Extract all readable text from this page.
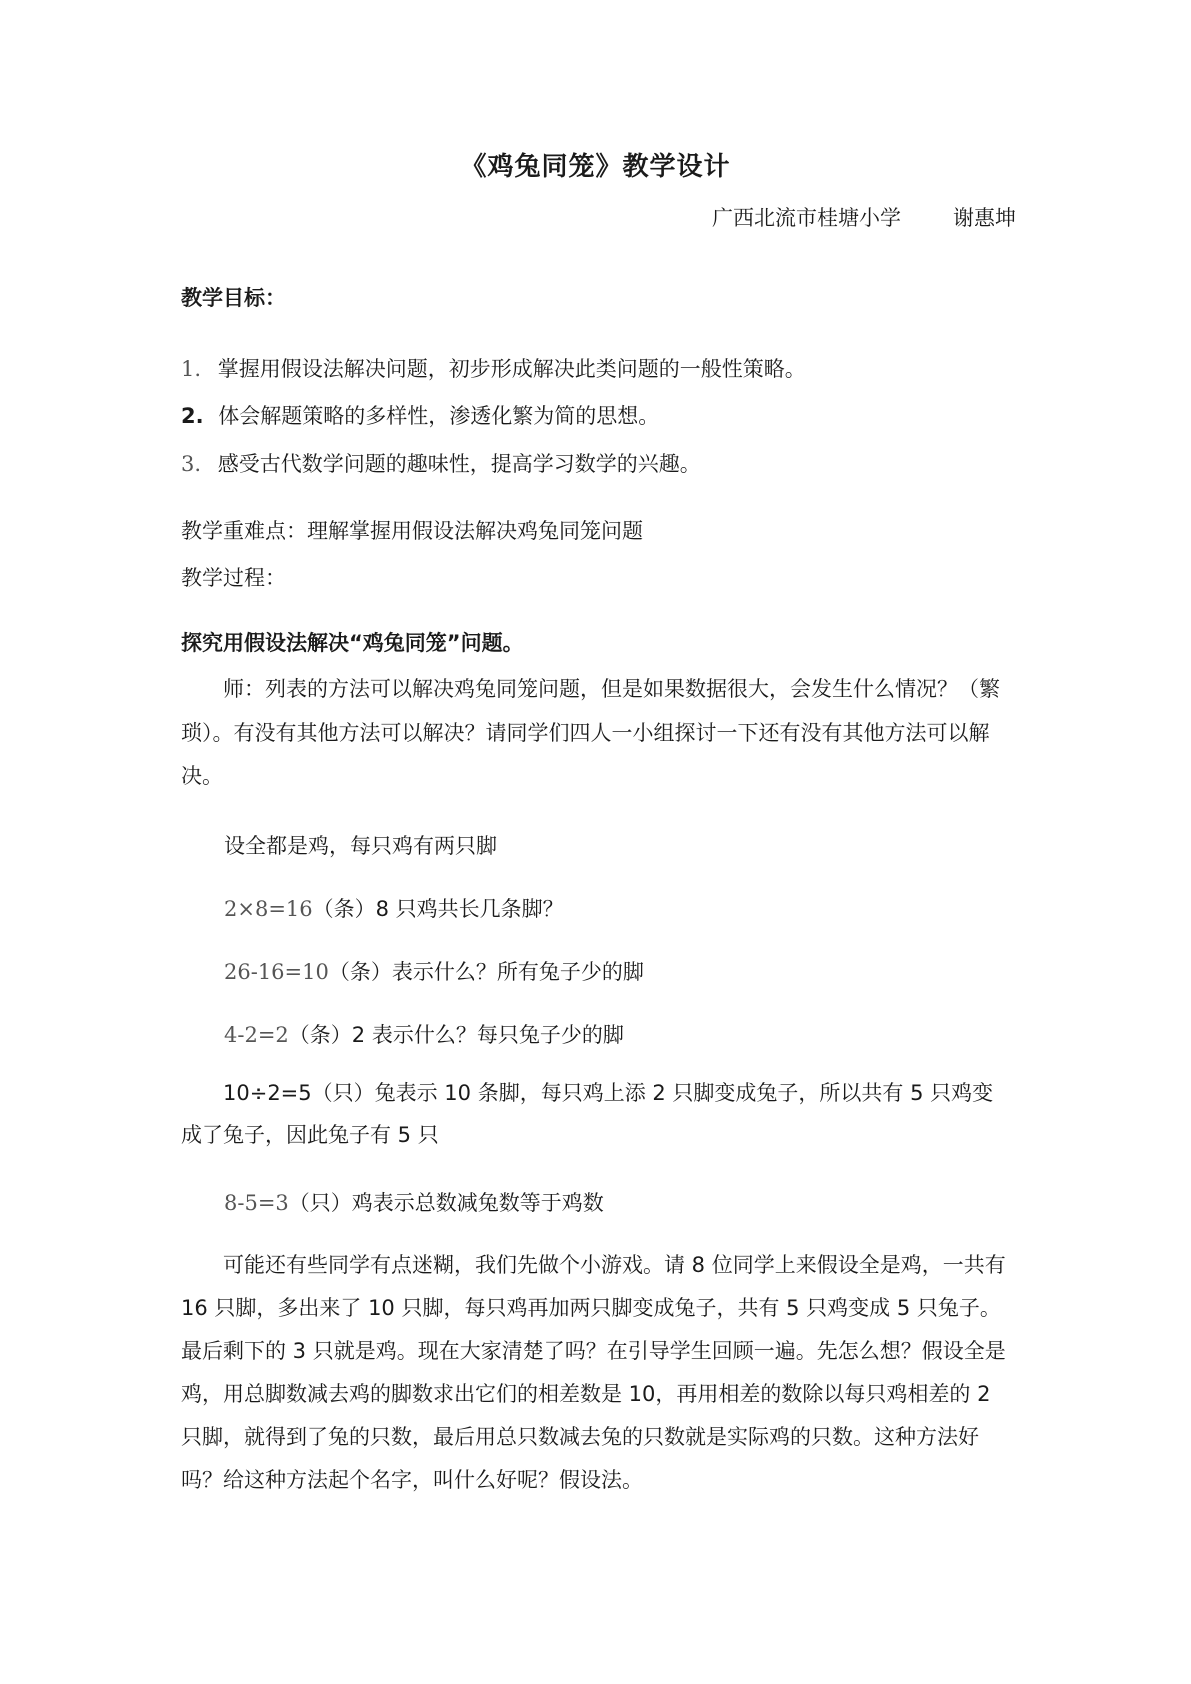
《鸡兔同笼》教学设计
广西北流市桂塘小学 谢惠坤
教学目标：
1. 掌握用假设法解决问题，初步形成解决此类问题的一般性策略。
2. 体会解题策略的多样性，渗透化繁为简的思想。
3. 感受古代数学问题的趣味性，提高学习数学的兴趣。
教学重难点：理解掌握用假设法解决鸡兔同笼问题
教学过程：
探究用假设法解决“鸡兔同笼”问题。
师：列表的方法可以解决鸡兔同笼问题，但是如果数据很大，会发生什么情况？（繁琐）。有没有其他方法可以解决？请同学们四人一小组探讨一下还有没有其他方法可以解决。
设全都是鸡，每只鸡有两只脚
2×8=16（条）8 只鸡共长几条脚？
26-16=10（条）表示什么？所有兔子少的脚
4-2=2（条）2 表示什么？每只兔子少的脚
10÷2=5（只）兔表示 10 条脚，每只鸡上添 2 只脚变成兔子，所以共有 5 只鸡变成了兔子，因此兔子有 5 只
8-5=3（只）鸡表示总数减兔数等于鸡数
可能还有些同学有点迷糊，我们先做个小游戏。请 8 位同学上来假设全是鸡，一共有 16 只脚，多出来了 10 只脚，每只鸡再加两只脚变成兔子，共有 5 只鸡变成 5 只兔子。最后剩下的 3 只就是鸡。现在大家清楚了吗？在引导学生回顾一遍。先怎么想？假设全是鸡，用总脚数减去鸡的脚数求出它们的相差数是 10，再用相差的数除以每只鸡相差的 2 只脚，就得到了兔的只数，最后用总只数减去兔的只数就是实际鸡的只数。这种方法好吗？给这种方法起个名字，叫什么好呢？假设法。
